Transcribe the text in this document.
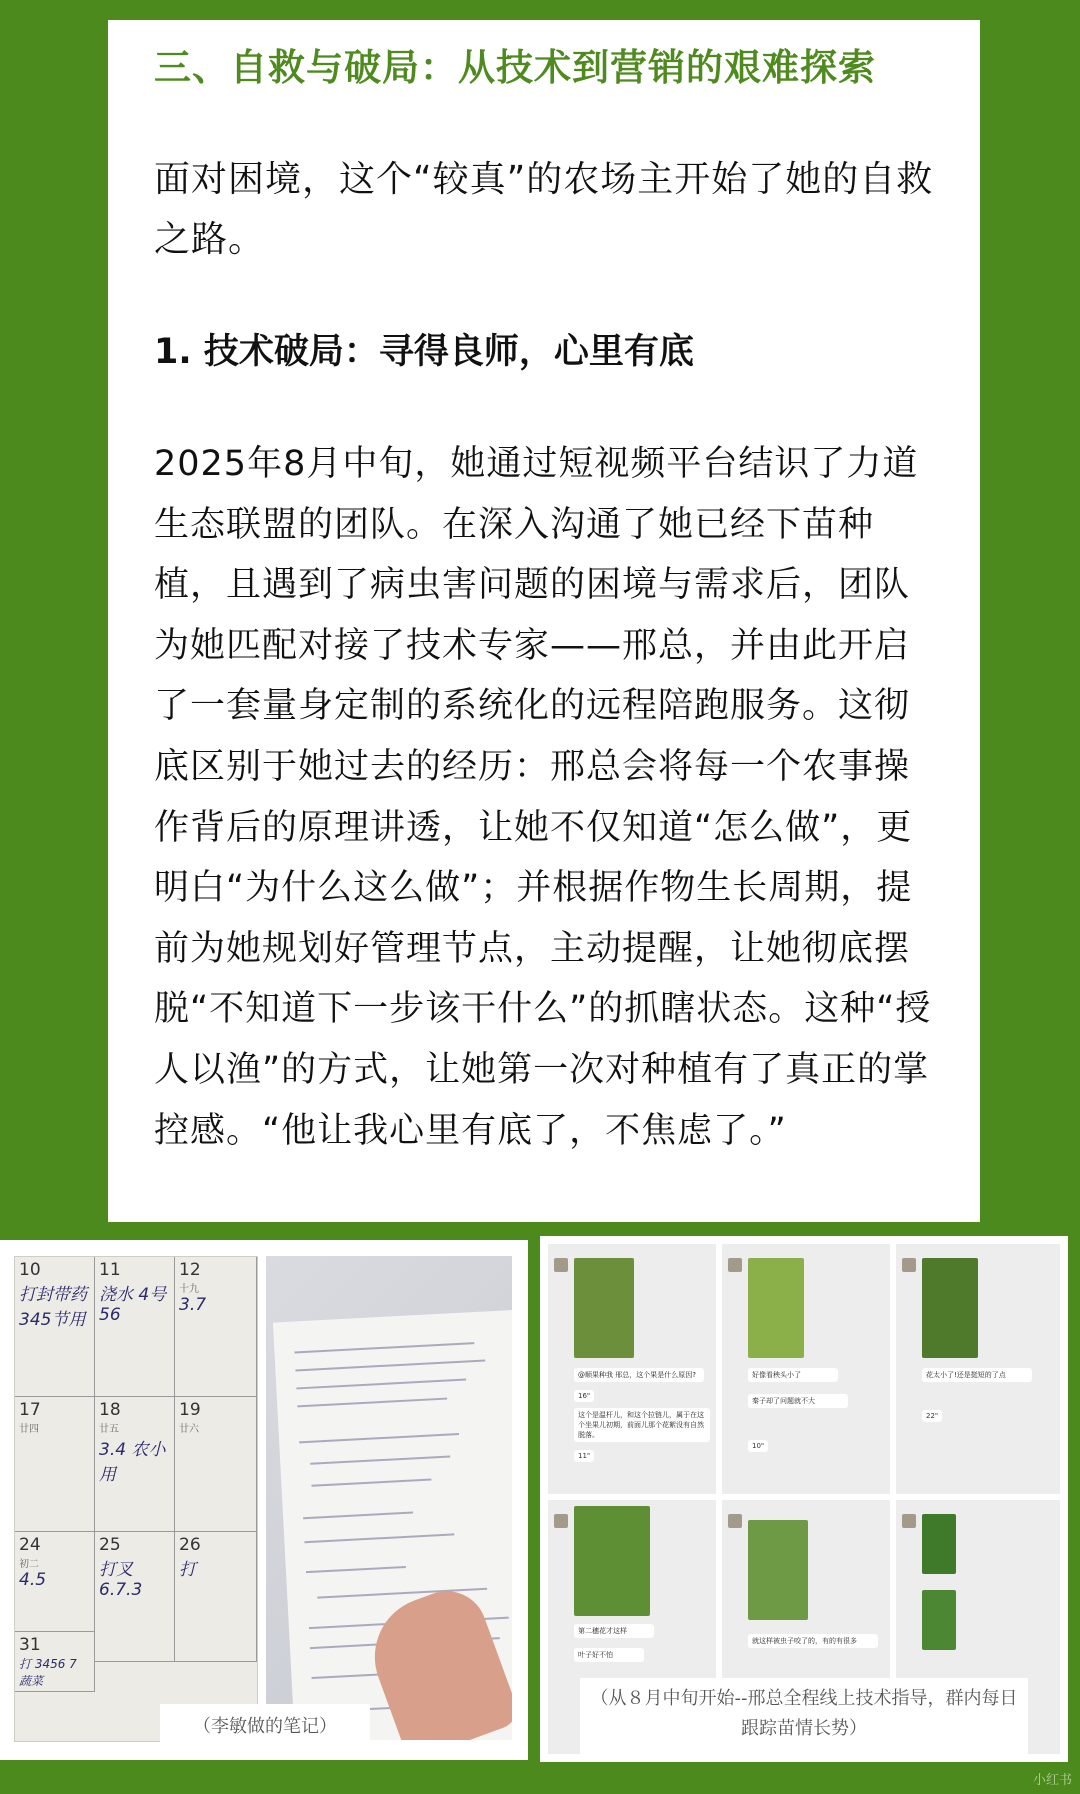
三、自救与破局：从技术到营销的艰难探索

面对困境，这个“较真”的农场主开始了她的自救之路。

1. 技术破局：寻得良师，心里有底

2025年8月中旬，她通过短视频平台结识了力道生态联盟的团队。在深入沟通了她已经下苗种植，且遇到了病虫害问题的困境与需求后，团队为她匹配对接了技术专家——邢总，并由此开启了一套量身定制的系统化的远程陪跑服务。这彻底区别于她过去的经历：邢总会将每一个农事操作背后的原理讲透，让她不仅知道“怎么做”，更明白“为什么这么做”；并根据作物生长周期，提前为她规划好管理节点，主动提醒，让她彻底摆脱“不知道下一步该干什么”的抓瞎状态。这种“授人以渔”的方式，让她第一次对种植有了真正的掌控感。“他让我心里有底了，不焦虑了。”

10
打封带药 345节用
11
浇水 4号56
12
十九
3.7
17
廿四
18
廿五
3.4 农小用
19
廿六
24
初二
4.5
25
打叉 6.7.3
26
打
31
打 3456 7 蔬菜
（李敏做的笔记）
@顺果种我 邢总，这个果是什么原因?
16"
这个是温杆儿，和这个拉链儿，属于在这个坐果儿初期，前面儿那个花絮没有自然脱落。
11"
好像看秧头小了
秦子却了问题就不大
10"
花太小了!还是挺短的了点
22"
第二穗花才这样
叶子好不怕
就这样被虫子咬了的，有的有很多
（从８月中旬开始--邢总全程线上技术指导，群内每日
跟踪苗情长势）
小红书
